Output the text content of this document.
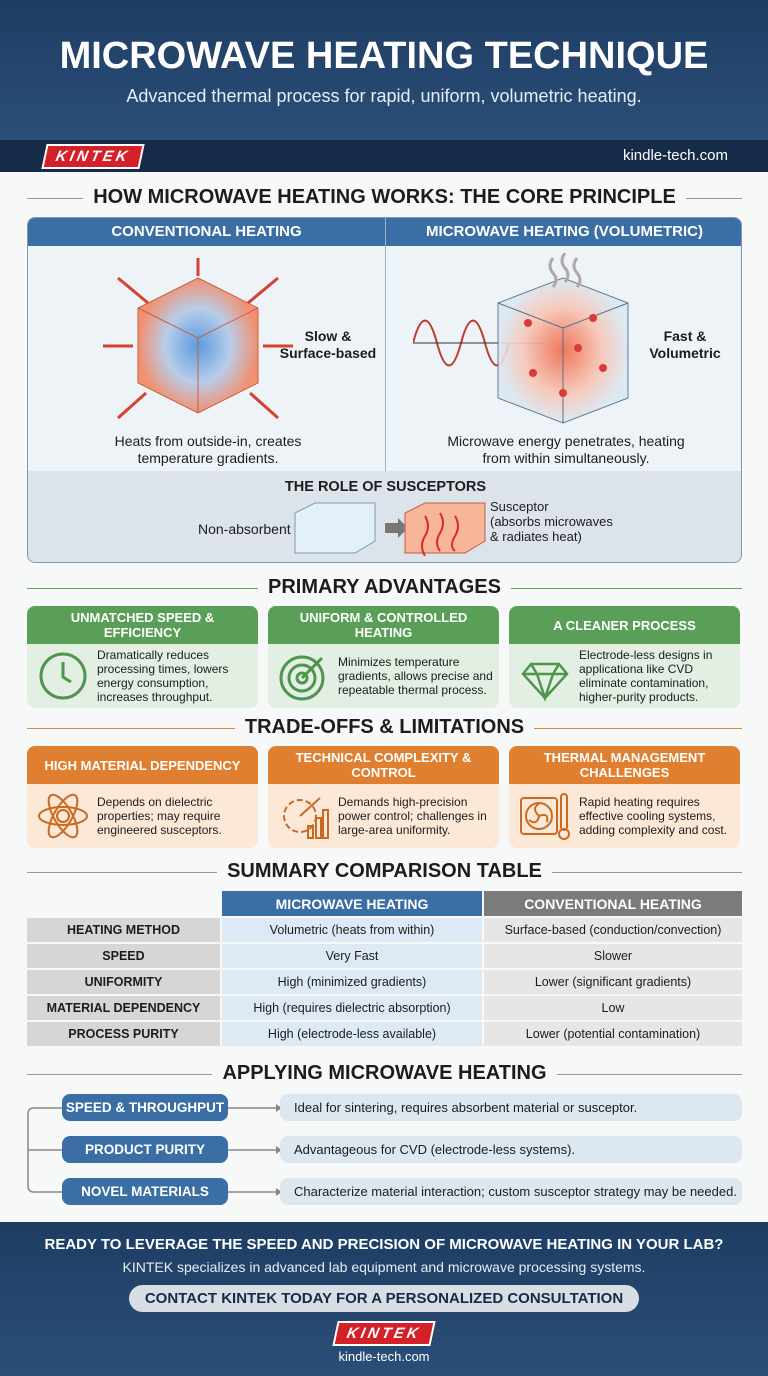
MICROWAVE HEATING TECHNIQUE

Advanced thermal process for rapid, uniform, volumetric heating.

KINTEK	kindle-tech.com
HOW MICROWAVE HEATING WORKS: THE CORE PRINCIPLE
CONVENTIONAL HEATING	MICROWAVE HEATING (VOLUMETRIC)
Slow &
Surface-based
Heats from outside-in, creates temperature gradients.
Fast &
Volumetric
Microwave energy penetrates, heating from within simultaneously.
THE ROLE OF SUSCEPTORS
Non-absorbent
Susceptor
(absorbs microwaves
& radiates heat)
PRIMARY ADVANTAGES
UNMATCHED SPEED & EFFICIENCY
Dramatically reduces processing times, lowers energy consumption, increases throughput.
UNIFORM & CONTROLLED HEATING
Minimizes temperature gradients, allows precise and repeatable thermal process.
A CLEANER PROCESS
Electrode-less designs in applicationa like CVD eliminate contamination, higher-purity products.
TRADE-OFFS & LIMITATIONS
HIGH MATERIAL DEPENDENCY
Depends on dielectric properties; may require engineered susceptors.
TECHNICAL COMPLEXITY & CONTROL
Demands high-precision power control; challenges in large-area uniformity.
THERMAL MANAGEMENT CHALLENGES
Rapid heating requires effective cooling systems, adding complexity and cost.
SUMMARY COMPARISON TABLE
	MICROWAVE HEATING	CONVENTIONAL HEATING
HEATING METHOD	Volumetric (heats from within)	Surface-based (conduction/convection)
SPEED	Very Fast	Slower
UNIFORMITY	High (minimized gradients)	Lower (significant gradients)
MATERIAL DEPENDENCY	High (requires dielectric absorption)	Low
PROCESS PURITY	High (electrode-less available)	Lower (potential contamination)
APPLYING MICROWAVE HEATING
SPEED & THROUGHPUT	Ideal for sintering, requires absorbent material or susceptor.
PRODUCT PURITY	Advantageous for CVD (electrode-less systems).
NOVEL MATERIALS	Characterize material interaction; custom susceptor strategy may be needed.
READY TO LEVERAGE THE SPEED AND PRECISION OF MICROWAVE HEATING IN YOUR LAB?
KINTEK specializes in advanced lab equipment and microwave processing systems.
CONTACT KINTEK TODAY FOR A PERSONALIZED CONSULTATION
KINTEK
kindle-tech.com
